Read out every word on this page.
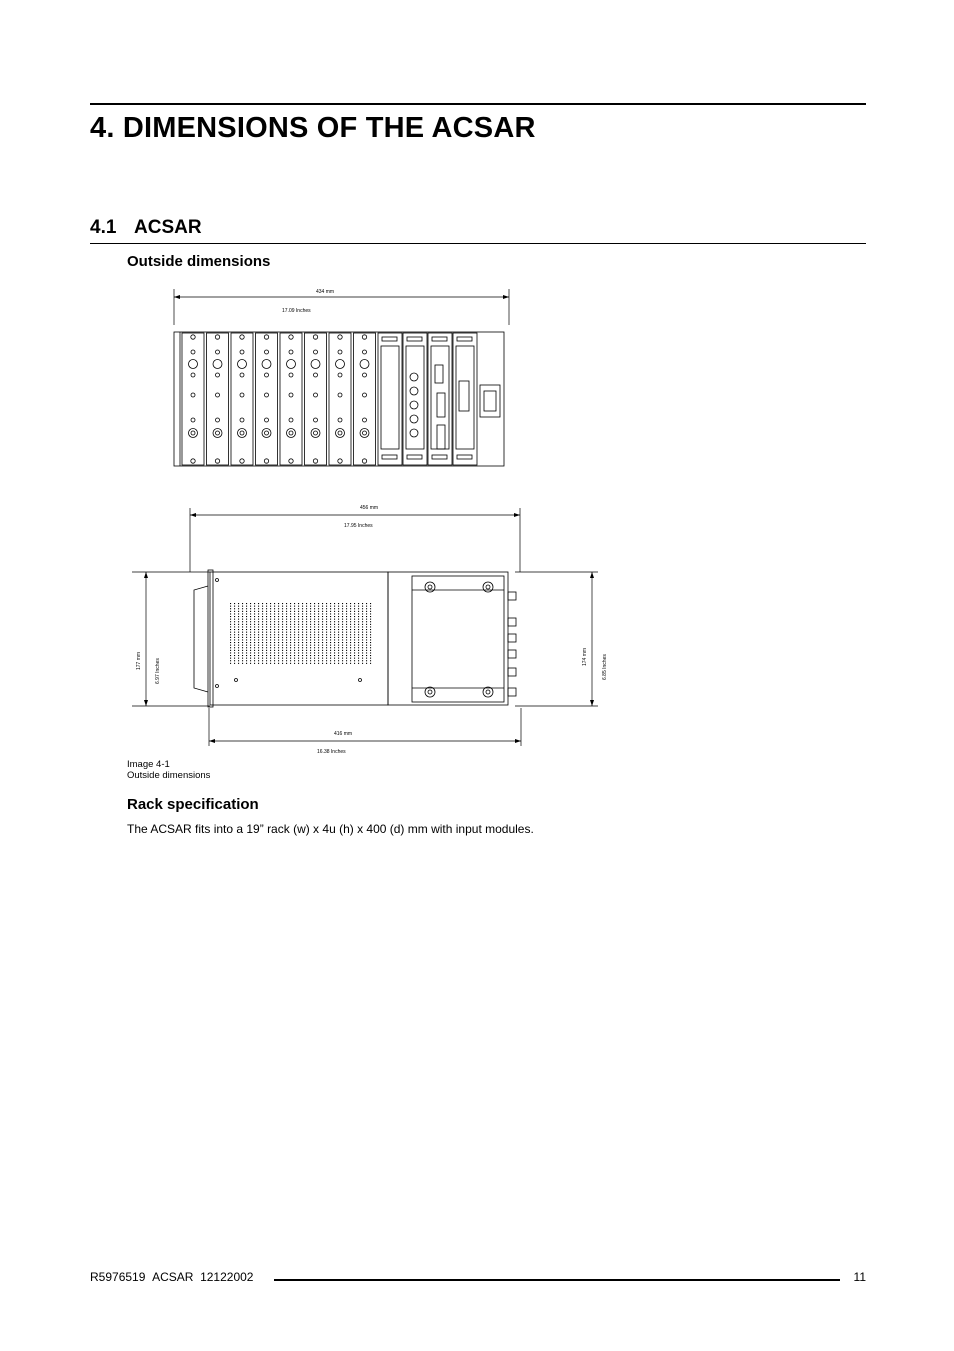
4. DIMENSIONS OF THE ACSAR
4.1 ACSAR
Outside dimensions
434 mm
17.09 Inches
456 mm
17.95 Inches
416 mm
16.38 Inches
177 mm	6.97 Inches
174 mm	6.85 Inches
Image 4-1
Outside dimensions
Rack specification
The ACSAR fits into a 19” rack (w) x 4u (h) x 400 (d) mm with input modules.
R5976519 ACSAR 12122002	11
